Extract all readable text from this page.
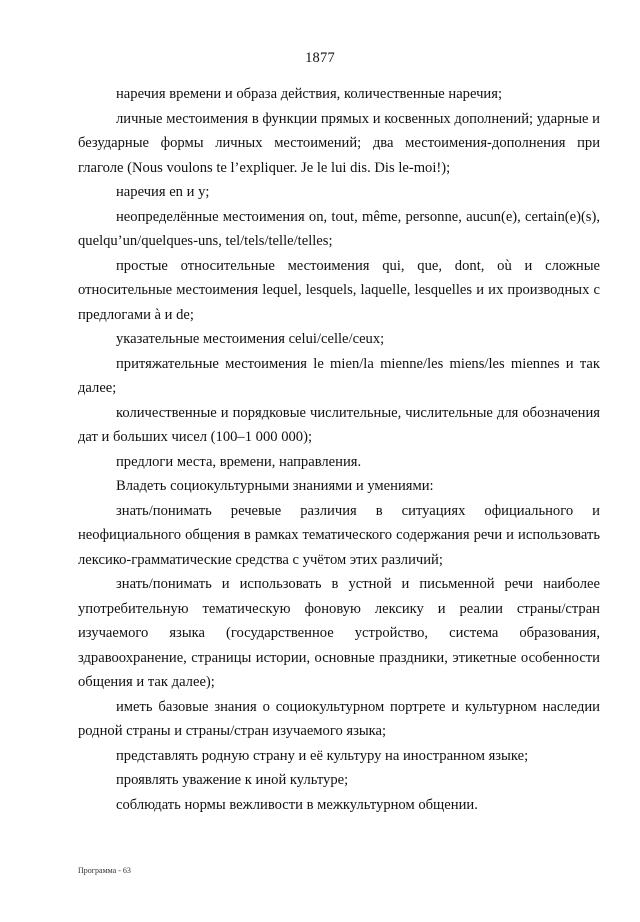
1877

наречия времени и образа действия, количественные наречия;

личные местоимения в функции прямых и косвенных дополнений; ударные и безударные формы личных местоимений; два местоимения-дополнения при глаголе (Nous voulons te l’expliquer. Je le lui dis. Dis le-moi!);

наречия en и y;

неопределённые местоимения on, tout, même, personne, aucun(e), certain(e)(s), quelqu’un/quelques-uns, tel/tels/telle/telles;

простые относительные местоимения qui, que, dont, où и сложные относительные местоимения lequel, lesquels, laquelle, lesquelles и их производных с предлогами à и de;

указательные местоимения celui/celle/ceux;

притяжательные местоимения le mien/la mienne/les miens/les miennes и так далее;

количественные и порядковые числительные, числительные для обозначения дат и больших чисел (100–1 000 000);

предлоги места, времени, направления.

Владеть социокультурными знаниями и умениями:

знать/понимать речевые различия в ситуациях официального и неофициального общения в рамках тематического содержания речи и использовать лексико-грамматические средства с учётом этих различий;

знать/понимать и использовать в устной и письменной речи наиболее употребительную тематическую фоновую лексику и реалии страны/стран изучаемого языка (государственное устройство, система образования, здравоохранение, страницы истории, основные праздники, этикетные особенности общения и так далее);

иметь базовые знания о социокультурном портрете и культурном наследии родной страны и страны/стран изучаемого языка;

представлять родную страну и её культуру на иностранном языке;

проявлять уважение к иной культуре;

соблюдать нормы вежливости в межкультурном общении.

Программа - 63
